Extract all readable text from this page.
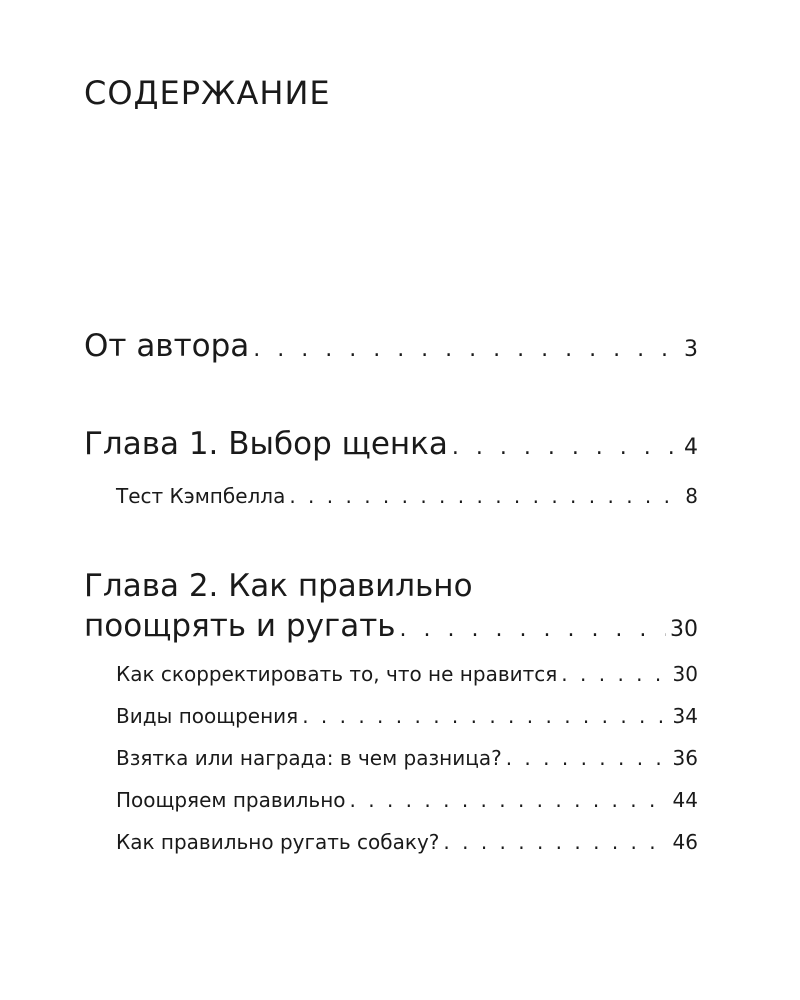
СОДЕРЖАНИЕ
От автора . . .	3
Глава 1. Выбор щенка . . .	4
Тест Кэмпбелла . . .	8
Глава 2. Как правильно
поощрять и ругать . . .	30
Как скорректировать то, что не нравится . . .	30
Виды поощрения . . .	34
Взятка или награда: в чем разница? . . .	36
Поощряем правильно . . .	44
Как правильно ругать собаку? . . .	46
